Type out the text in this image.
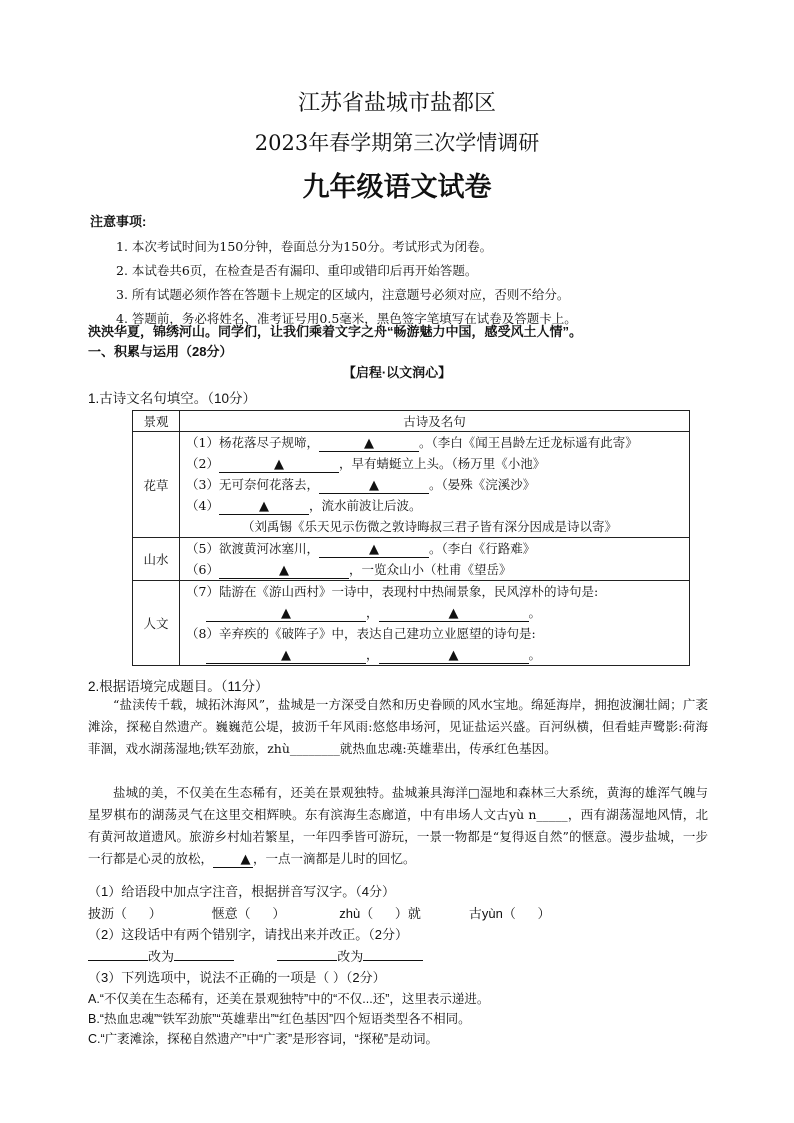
江苏省盐城市盐都区
2023年春学期第三次学情调研
九年级语文试卷
注意事项:
1. 本次考试时间为150分钟，卷面总分为150分。考试形式为闭卷。
2. 本试卷共6页，在检查是否有漏印、重印或错印后再开始答题。
3. 所有试题必须作答在答题卡上规定的区域内，注意题号必须对应，否则不给分。
4. 答题前，务必将姓名、准考证号用0.5毫米，黑色签字笔填写在试卷及答题卡上。
泱泱华夏，锦绣河山。同学们，让我们乘着文字之舟“畅游魅力中国，感受风土人情”。
一、积累与运用（28分）
【启程·以文润心】
1.古诗文名句填空。（10分）
景观	古诗及名句
花草	（1）杨花落尽子规啼， ▲ 。（李白《闻王昌龄左迁龙标遥有此寄》
（2） ▲ ，早有蜻蜓立上头。（杨万里《小池》
（3）无可奈何花落去， ▲ 。（晏殊《浣溪沙》
（4） ▲ ，流水前波让后波。
（刘禹锡《乐天见示伤微之敦诗晦叔三君子皆有深分因成是诗以寄》

山水	（5）欲渡黄河冰塞川， ▲ 。（李白《行路难》
（6） ▲ ，一览众山小（杜甫《望岳》

人文	（7）陆游在《游山西村》一诗中，表现村中热闹景象，民风淳朴的诗句是:
▲ ， ▲ 。
（8）辛弃疾的《破阵子》中，表达自己建功立业愿望的诗句是:
▲ ， ▲ 。
2.根据语境完成题目。（11分）

“盐渎传千载，城拓沐海风”，盐城是一方深受自然和历史眷顾的风水宝地。绵延海岸，拥抱波澜壮阔；广袤滩涂，探秘自然遗产。巍巍范公堤，披沥千年风雨:悠悠串场河，见证盐运兴盛。百河纵横，但看蛙声鹭影:荷海菲涸，戏水湖荡湿地;铁军劲旅，zhù________就热血忠魂:英雄辈出，传承红色基因。

盐城的美，不仅美在生态稀有，还美在景观独特。盐城兼具海洋□湿地和森林三大系统，黄海的雄浑气魄与星罗棋布的湖荡灵气在这里交相辉映。东有滨海生态廊道，中有串场人文古yù n_____，西有湖荡湿地风情，北有黄河故道遗风。旅游乡村灿若繁星，一年四季皆可游玩，一景一物都是“复得返自然”的惬意。漫步盐城，一步一行都是心灵的放松， ▲ ，一点一滴都是儿时的回忆。

（1）给语段中加点字注音，根据拼音写汉字。（4分）
披沥（ ）	惬意（ ）	zhù（ ）就	古yùn（ ）
（2）这段话中有两个错别字，请找出来并改正。（2分）
改为	改为
（3）下列选项中，说法不正确的一项是（ ）（2分）
A.“不仅美在生态稀有，还美在景观独特”中的“不仅...还”，这里表示递进。
B.“热血忠魂”“铁军劲旅”“英雄辈出”“红色基因”四个短语类型各不相同。
C.“广袤滩涂，探秘自然遗产”中“广袤”是形容词，“探秘”是动词。
